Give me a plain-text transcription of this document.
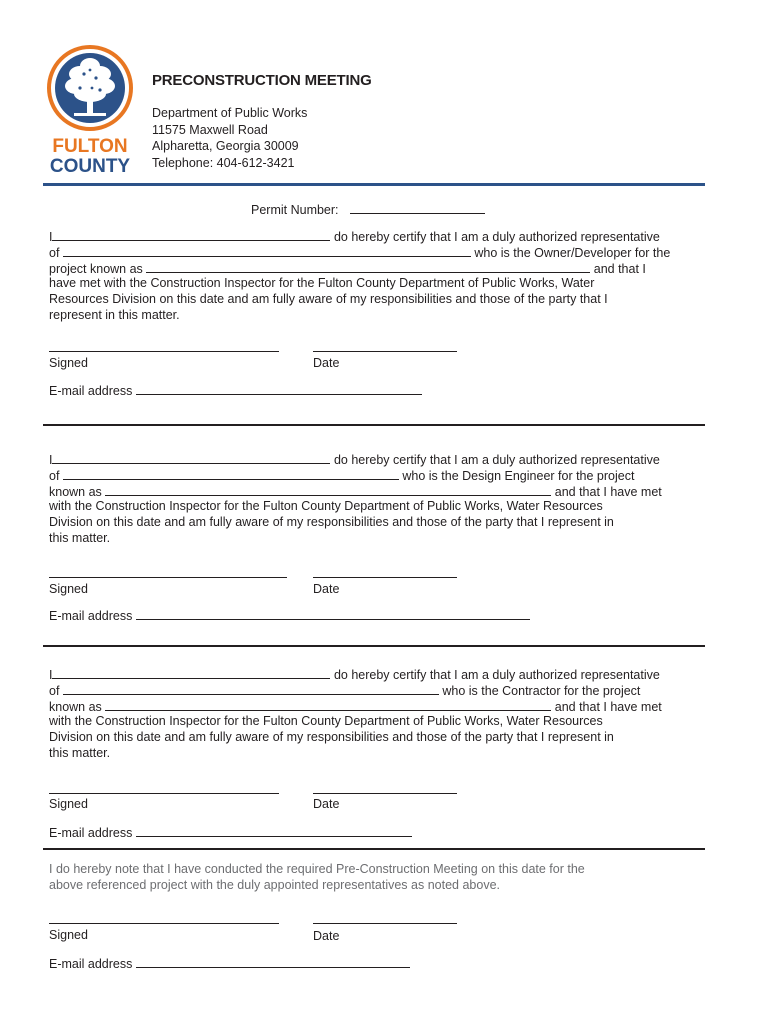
FULTON
COUNTY
PRECONSTRUCTION MEETING
Department of Public Works
11575 Maxwell Road
Alpharetta, Georgia 30009
Telephone: 404-612-3421
Permit Number:
I	do hereby certify that I am a duly authorized representative
of	who is the Owner/Developer for the
project known as	and that I
have met with the Construction Inspector for the Fulton County Department of Public Works, Water
Resources Division on this date and am fully aware of my responsibilities and those of the party that I
represent in this matter.
Signed	Date
E-mail address
I	do hereby certify that I am a duly authorized representative
of	who is the Design Engineer for the project
known as	and that I have met
with the Construction Inspector for the Fulton County Department of Public Works, Water Resources
Division on this date and am fully aware of my responsibilities and those of the party that I represent in
this matter.
Signed	Date
E-mail address
I	do hereby certify that I am a duly authorized representative
of	who is the Contractor for the project
known as	and that I have met
with the Construction Inspector for the Fulton County Department of Public Works, Water Resources
Division on this date and am fully aware of my responsibilities and those of the party that I represent in
this matter.
Signed	Date
E-mail address
I do hereby note that I have conducted the required Pre-Construction Meeting on this date for the
above referenced project with the duly appointed representatives as noted above.
Signed	Date
E-mail address
